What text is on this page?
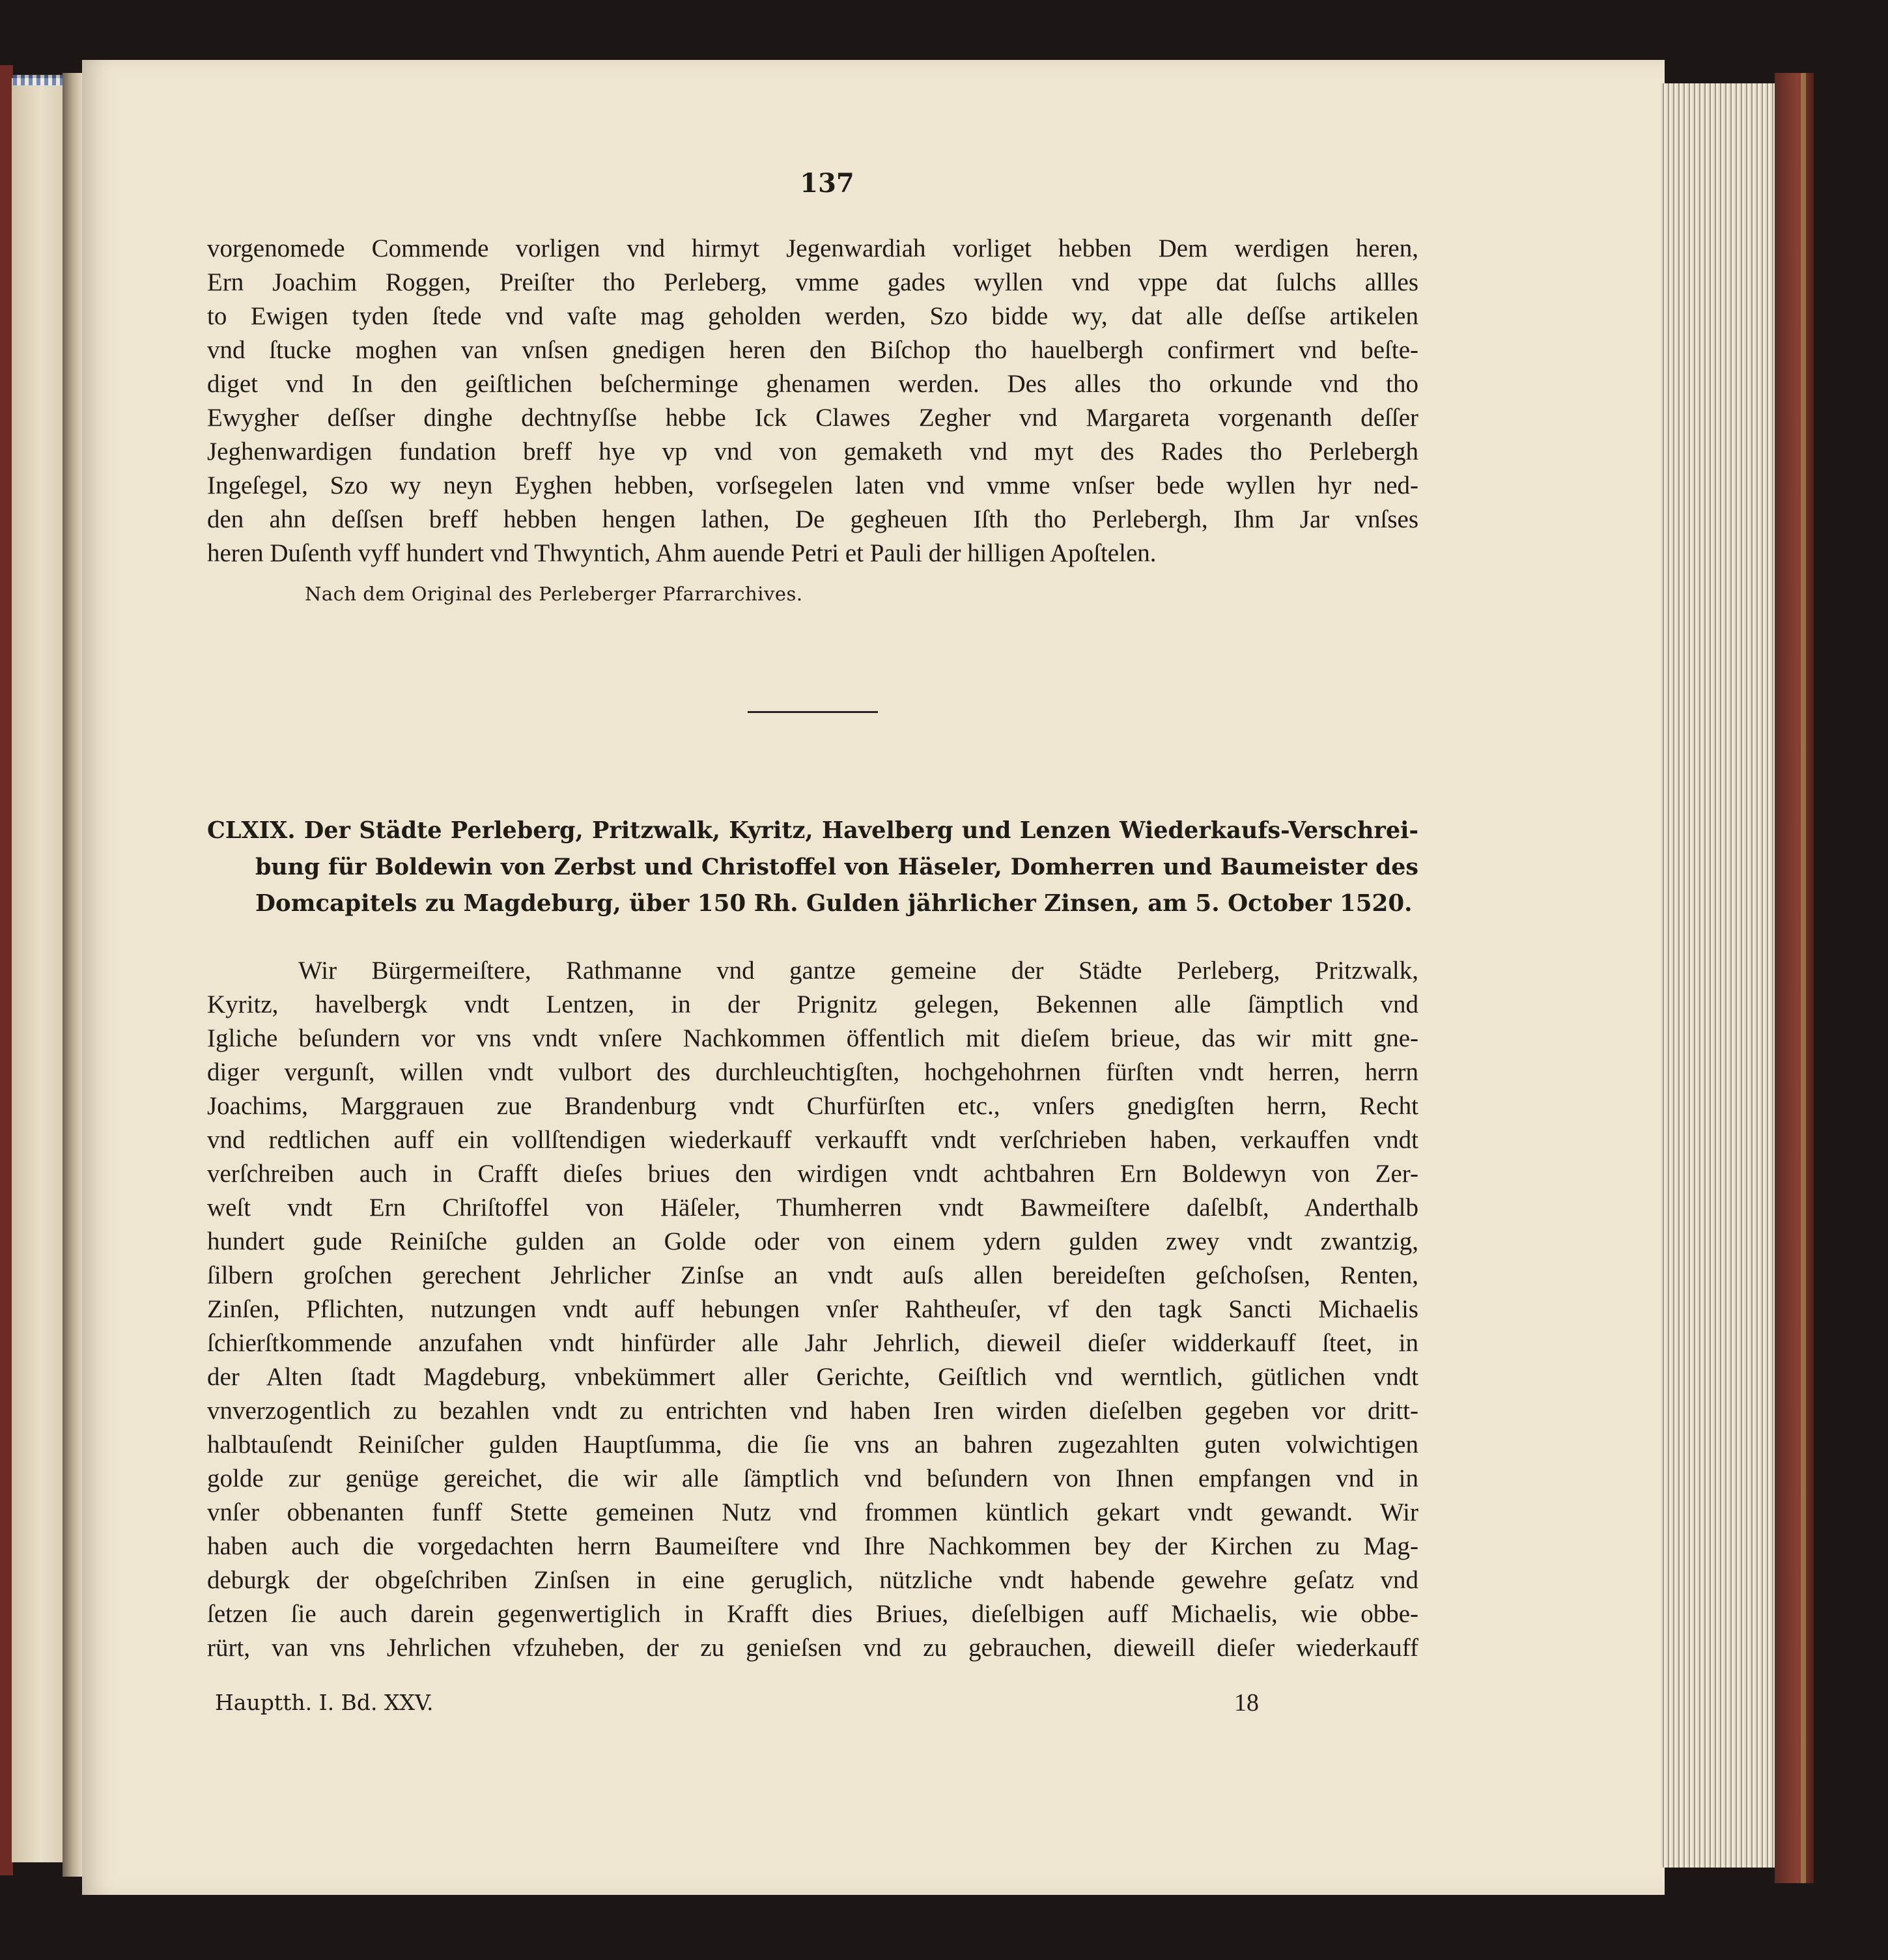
137
vorgenomede Commende vorligen vnd hirmyt Jegenwardiah vorliget hebben Dem werdigen heren,
Ern Joachim Roggen, Preiſter tho Perleberg, vmme gades wyllen vnd vppe dat ſulchs allles
to Ewigen tyden ſtede vnd vaſte mag geholden werden, Szo bidde wy, dat alle deſſse artikelen
vnd ſtucke moghen van vnſsen gnedigen heren den Biſchop tho hauelbergh confirmert vnd beſte-
diget vnd In den geiſtlichen beſcherminge ghenamen werden. Des alles tho orkunde vnd tho
Ewygher deſſser dinghe dechtnyſſse hebbe Ick Clawes Zegher vnd Margareta vorgenanth deſſer
Jeghenwardigen fundation breff hye vp vnd von gemaketh vnd myt des Rades tho Perlebergh
Ingeſegel, Szo wy neyn Eyghen hebben, vorſsegelen laten vnd vmme vnſser bede wyllen hyr ned-
den ahn deſſsen breff hebben hengen lathen, De gegheuen Iſth tho Perlebergh, Ihm Jar vnſses
heren Duſenth vyff hundert vnd Thwyntich, Ahm auende Petri et Pauli der hilligen Apoſtelen.
Nach dem Original des Perleberger Pfarrarchives.
CLXIX. Der Städte Perleberg, Pritzwalk, Kyritz, Havelberg und Lenzen Wiederkaufs-Verschrei-
bung für Boldewin von Zerbst und Christoffel von Häseler, Domherren und Baumeister des
Domcapitels zu Magdeburg, über 150 Rh. Gulden jährlicher Zinsen, am 5. October 1520.
Wir Bürgermeiſtere, Rathmanne vnd gantze gemeine der Städte Perleberg, Pritzwalk,
Kyritz, havelbergk vndt Lentzen, in der Prignitz gelegen, Bekennen alle ſämptlich vnd
Igliche beſundern vor vns vndt vnſere Nachkommen öffentlich mit dieſem brieue, das wir mitt gne-
diger vergunſt, willen vndt vulbort des durchleuchtigſten, hochgehohrnen fürſten vndt herren, herrn
Joachims, Marggrauen zue Brandenburg vndt Churfürſten etc., vnſers gnedigſten herrn, Recht
vnd redtlichen auff ein vollſtendigen wiederkauff verkaufft vndt verſchrieben haben, verkauffen vndt
verſchreiben auch in Crafft dieſes briues den wirdigen vndt achtbahren Ern Boldewyn von Zer-
weſt vndt Ern Chriſtoffel von Häſeler, Thumherren vndt Bawmeiſtere daſelbſt, Anderthalb
hundert gude Reiniſche gulden an Golde oder von einem ydern gulden zwey vndt zwantzig,
ſilbern groſchen gerechent Jehrlicher Zinſse an vndt auſs allen bereideſten geſchoſsen, Renten,
Zinſen, Pflichten, nutzungen vndt auff hebungen vnſer Rahtheuſer, vf den tagk Sancti Michaelis
ſchierſtkommende anzufahen vndt hinfürder alle Jahr Jehrlich, dieweil dieſer widderkauff ſteet, in
der Alten ſtadt Magdeburg, vnbekümmert aller Gerichte, Geiſtlich vnd werntlich, gütlichen vndt
vnverzogentlich zu bezahlen vndt zu entrichten vnd haben Iren wirden dieſelben gegeben vor dritt-
halbtauſendt Reiniſcher gulden Hauptſumma, die ſie vns an bahren zugezahlten guten volwichtigen
golde zur genüge gereichet, die wir alle ſämptlich vnd beſundern von Ihnen empfangen vnd in
vnſer obbenanten funff Stette gemeinen Nutz vnd frommen küntlich gekart vndt gewandt. Wir
haben auch die vorgedachten herrn Baumeiſtere vnd Ihre Nachkommen bey der Kirchen zu Mag-
deburgk der obgeſchriben Zinſsen in eine geruglich, nützliche vndt habende gewehre geſatz vnd
ſetzen ſie auch darein gegenwertiglich in Krafft dies Briues, dieſelbigen auff Michaelis, wie obbe-
rürt, van vns Jehrlichen vfzuheben, der zu genieſsen vnd zu gebrauchen, dieweill dieſer wiederkauff
Hauptth. I. Bd. XXV.	18
